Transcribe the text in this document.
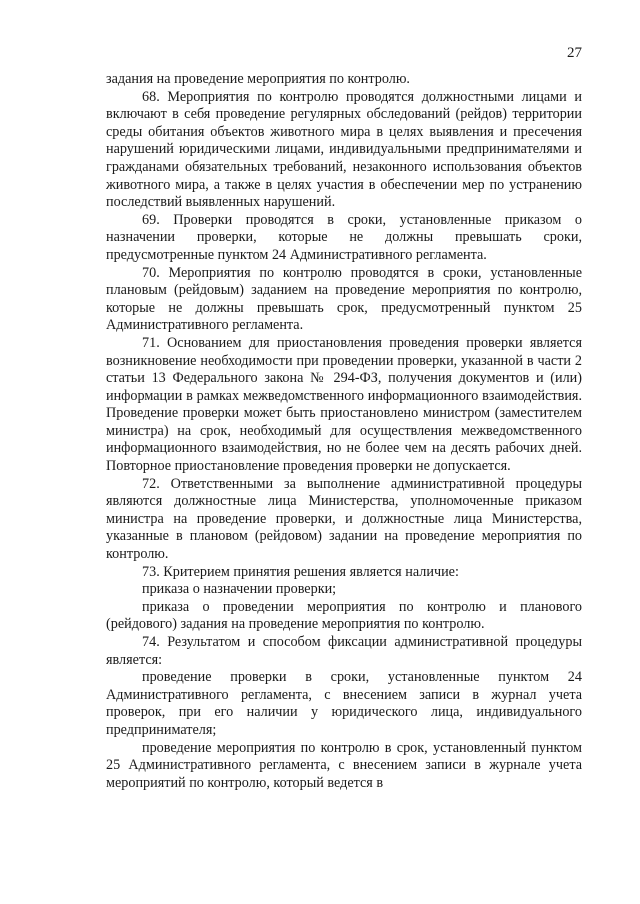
27

задания на проведение мероприятия по контролю.

68. Мероприятия по контролю проводятся должностными лицами и включают в себя проведение регулярных обследований (рейдов) территории среды обитания объектов животного мира в целях выявления и пресечения нарушений юридическими лицами, индивидуальными предпринимателями и гражданами обязательных требований, незаконного использования объектов животного мира, а также в целях участия в обеспечении мер по устранению последствий выявленных нарушений.

69. Проверки проводятся в сроки, установленные приказом о назначении проверки, которые не должны превышать сроки, предусмотренные пунктом 24 Административного регламента.

70. Мероприятия по контролю проводятся в сроки, установленные плановым (рейдовым) заданием на проведение мероприятия по контролю, которые не должны превышать срок, предусмотренный пунктом 25 Административного регламента.

71. Основанием для приостановления проведения проверки является возникновение необходимости при проведении проверки, указанной в части 2 статьи 13 Федерального закона № 294-ФЗ, получения документов и (или) информации в рамках межведомственного информационного взаимодействия. Проведение проверки может быть приостановлено министром (заместителем министра) на срок, необходимый для осуществления межведомственного информационного взаимодействия, но не более чем на десять рабочих дней. Повторное приостановление проведения проверки не допускается.

72. Ответственными за выполнение административной процедуры являются должностные лица Министерства, уполномоченные приказом министра на проведение проверки, и должностные лица Министерства, указанные в плановом (рейдовом) задании на проведение мероприятия по контролю.

73. Критерием принятия решения является наличие:

приказа о назначении проверки;

приказа о проведении мероприятия по контролю и планового (рейдового) задания на проведение мероприятия по контролю.

74. Результатом и способом фиксации административной процедуры является:

проведение проверки в сроки, установленные пунктом 24 Административного регламента, с внесением записи в журнал учета проверок, при его наличии у юридического лица, индивидуального предпринимателя;

проведение мероприятия по контролю в срок, установленный пунктом 25 Административного регламента, с внесением записи в журнале учета мероприятий по контролю, который ведется в
